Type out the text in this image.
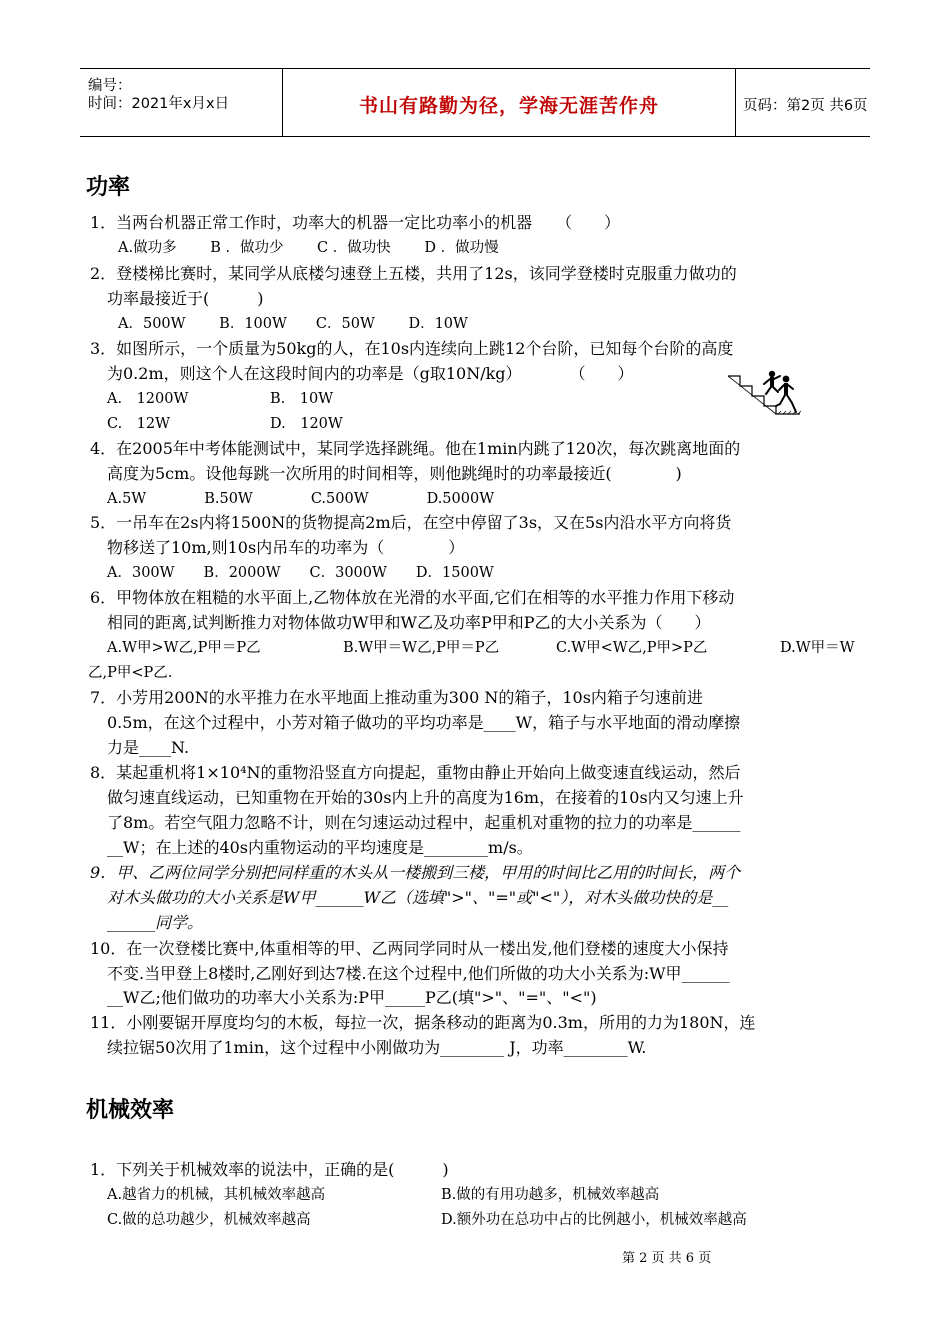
编号：
时间：2021年x月x日	书山有路勤为径，学海无涯苦作舟	页码：第2页 共6页
功率
1．当两台机器正常工作时，功率大的机器一定比功率小的机器　　（　　）
A.做功多　　 B ．做功少　　 C ．做功快　　 D ．做功慢
2．登楼梯比赛时，某同学从底楼匀速登上五楼，共用了12s，该同学登楼时克服重力做功的
功率最接近于(　　　)
A．500W　　 B．100W　　C．50W　　 D．10W
3．如图所示，一个质量为50kg的人，在10s内连续向上跳12个台阶，已知每个台阶的高度
为0.2m，则这个人在这段时间内的功率是（g取10N/kg）　　　　（　　）
A.　1200W	B.　10W
C.　12W	D.　120W
4．在2005年中考体能测试中，某同学选择跳绳。他在1min内跳了120次，每次跳离地面的
高度为5cm。设他每跳一次所用的时间相等，则他跳绳时的功率最接近(　　　　)
A.5W　　　　B.50W　　　　C.500W　　　　D.5000W
5．一吊车在2s内将1500N的货物提高2m后，在空中停留了3s，又在5s内沿水平方向将货
物移送了10m,则10s内吊车的功率为（　　　　）
A．300W　　B．2000W　　C．3000W　　D．1500W
6．甲物体放在粗糙的水平面上,乙物体放在光滑的水平面,它们在相等的水平推力作用下移动
相同的距离,试判断推力对物体做功W甲和W乙及功率P甲和P乙的大小关系为（　　）
A.W甲>W乙,P甲＝P乙	B.W甲＝W乙,P甲＝P乙	C.W甲<W乙,P甲>P乙	D.W甲＝W
乙,P甲<P乙.
7．小芳用200N的水平推力在水平地面上推动重为300 N的箱子，10s内箱子匀速前进
0.5m，在这个过程中，小芳对箱子做功的平均功率是____W，箱子与水平地面的滑动摩擦
力是____N.
8．某起重机将1×10⁴N的重物沿竖直方向提起，重物由静止开始向上做变速直线运动，然后
做匀速直线运动，已知重物在开始的30s内上升的高度为16m，在接着的10s内又匀速上升
了8m。若空气阻力忽略不计，则在匀速运动过程中，起重机对重物的拉力的功率是______
__W；在上述的40s内重物运动的平均速度是________m/s。
9．甲、乙两位同学分别把同样重的木头从一楼搬到三楼，甲用的时间比乙用的时间长，两个
对木头做功的大小关系是W甲______W乙（选填">"、"="或"<"），对木头做功快的是__
______同学。
10．在一次登楼比赛中,体重相等的甲、乙两同学同时从一楼出发,他们登楼的速度大小保持
不变.当甲登上8楼时,乙刚好到达7楼.在这个过程中,他们所做的功大小关系为:W甲______
__W乙;他们做功的功率大小关系为:P甲_____P乙(填">"、"="、"<")
11．小刚要锯开厚度均匀的木板，每拉一次，据条移动的距离为0.3m，所用的力为180N，连
续拉锯50次用了1min，这个过程中小刚做功为________ J，功率________W.
机械效率
1．下列关于机械效率的说法中，正确的是(　　　)
A.越省力的机械，其机械效率越高	B.做的有用功越多，机械效率越高
C.做的总功越少，机械效率越高	D.额外功在总功中占的比例越小，机械效率越高
第 2 页 共 6 页
